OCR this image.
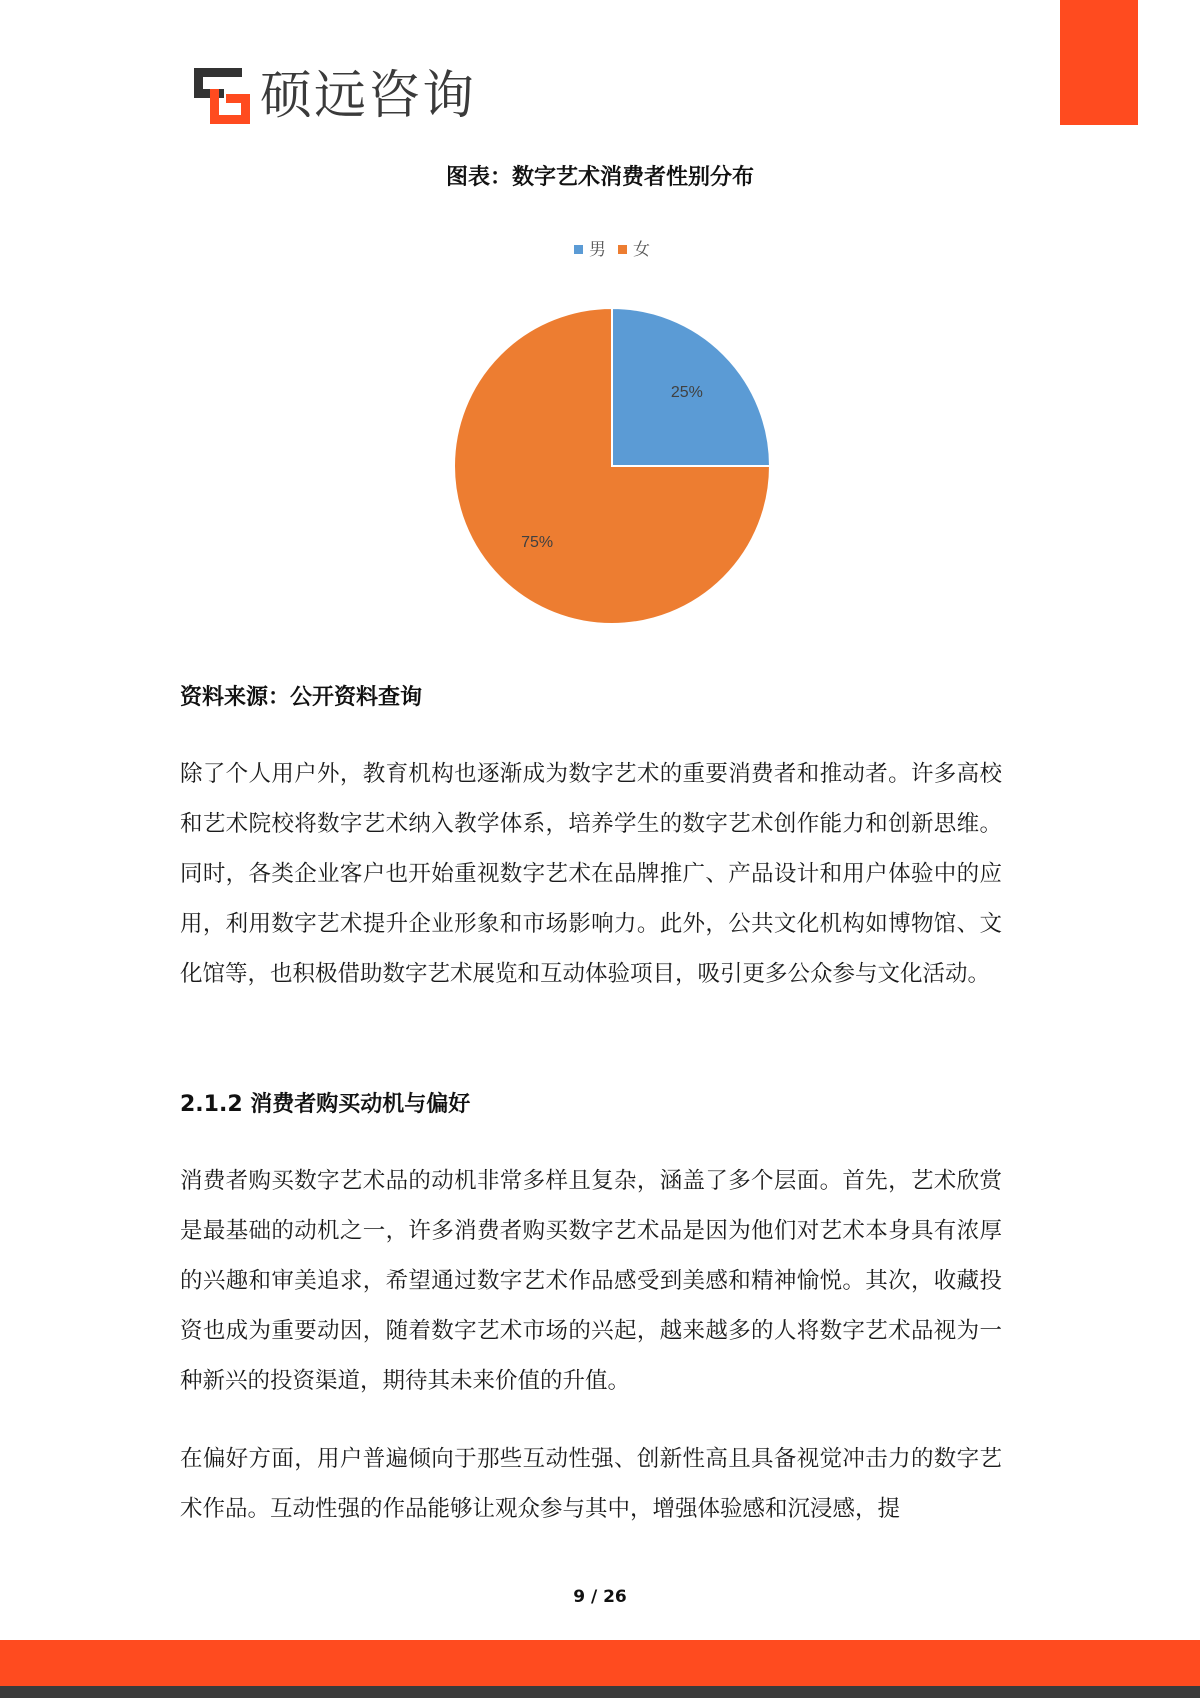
硕远咨询
图表：数字艺术消费者性别分布
男 女
25%
75%
资料来源：公开资料查询
除了个人用户外，教育机构也逐渐成为数字艺术的重要消费者和推动者。许多高校和艺术院校将数字艺术纳入教学体系，培养学生的数字艺术创作能力和创新思维。同时，各类企业客户也开始重视数字艺术在品牌推广、产品设计和用户体验中的应用，利用数字艺术提升企业形象和市场影响力。此外，公共文化机构如博物馆、文化馆等，也积极借助数字艺术展览和互动体验项目，吸引更多公众参与文化活动。
2.1.2 消费者购买动机与偏好
消费者购买数字艺术品的动机非常多样且复杂，涵盖了多个层面。首先，艺术欣赏是最基础的动机之一，许多消费者购买数字艺术品是因为他们对艺术本身具有浓厚的兴趣和审美追求，希望通过数字艺术作品感受到美感和精神愉悦。其次，收藏投资也成为重要动因，随着数字艺术市场的兴起，越来越多的人将数字艺术品视为一种新兴的投资渠道，期待其未来价值的升值。
在偏好方面，用户普遍倾向于那些互动性强、创新性高且具备视觉冲击力的数字艺术作品。互动性强的作品能够让观众参与其中，增强体验感和沉浸感，提
9 / 26
